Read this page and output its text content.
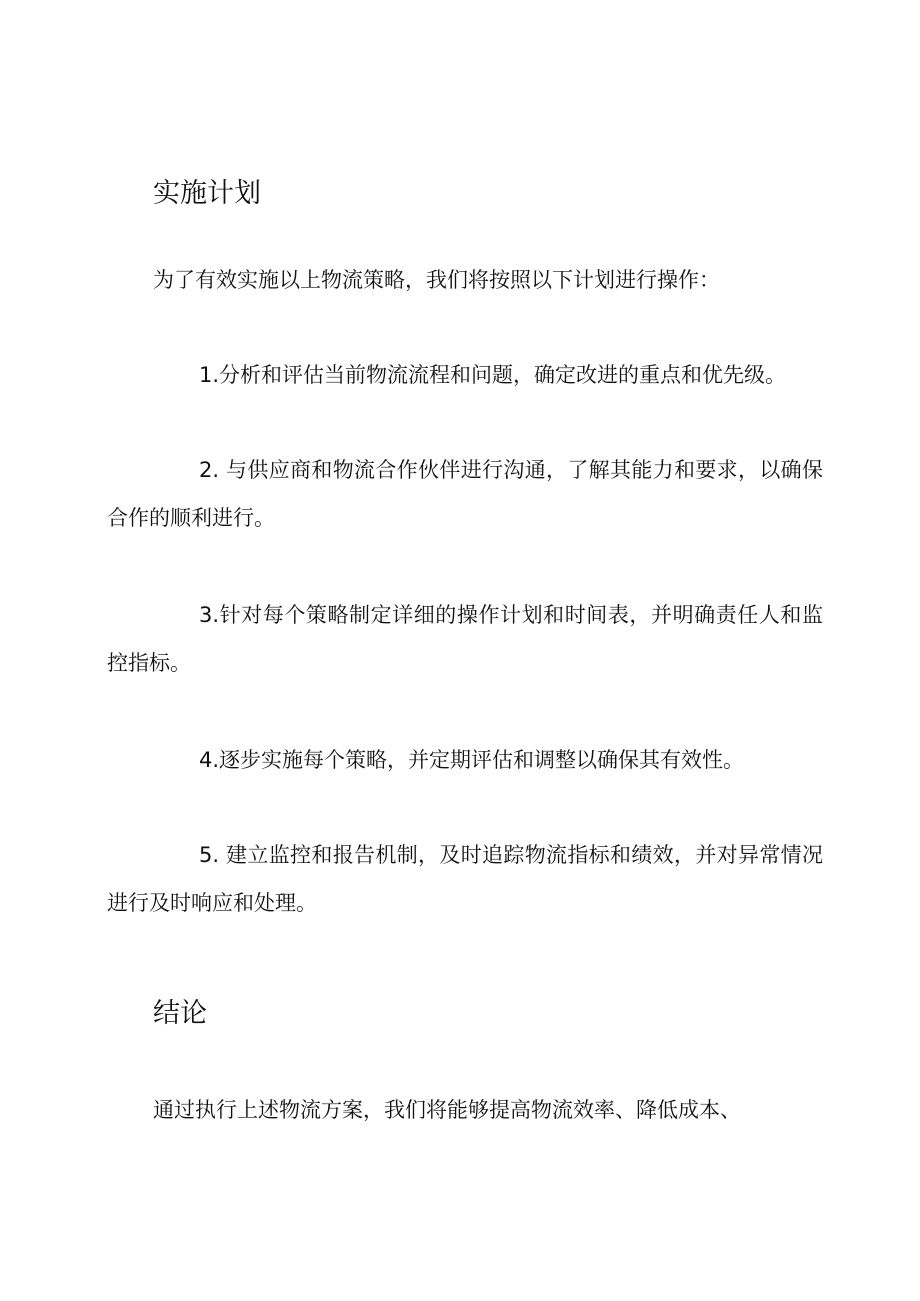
实施计划

为了有效实施以上物流策略，我们将按照以下计划进行操作：

1.分析和评估当前物流流程和问题，确定改进的重点和优先级。

2. 与供应商和物流合作伙伴进行沟通，了解其能力和要求，以确保合作的顺利进行。

3.针对每个策略制定详细的操作计划和时间表，并明确责任人和监控指标。

4.逐步实施每个策略，并定期评估和调整以确保其有效性。

5. 建立监控和报告机制，及时追踪物流指标和绩效，并对异常情况进行及时响应和处理。

结论

通过执行上述物流方案，我们将能够提高物流效率、降低成本、
